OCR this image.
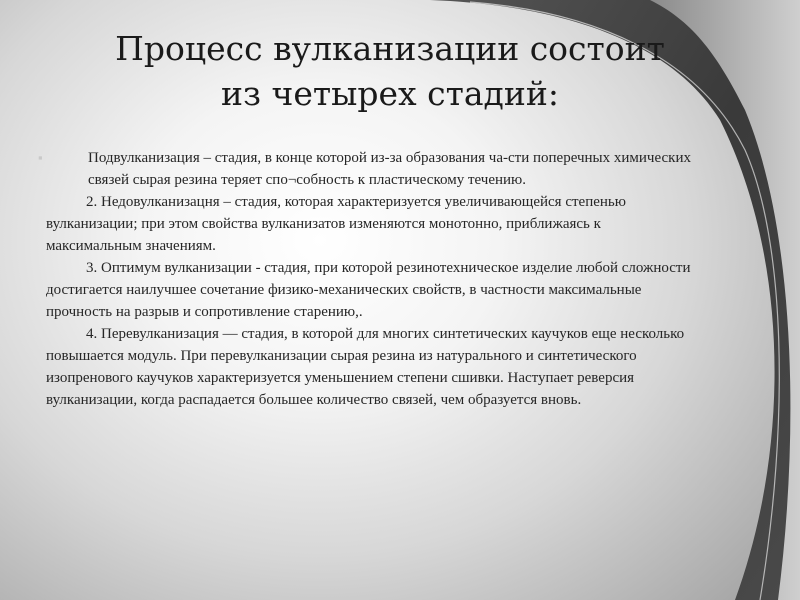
Процесс вулканизации состоит
из четырех стадий:

▪	Подвулканизация – стадия, в конце которой из-за образования ча-сти поперечных химических связей сырая резина теряет спо¬собность к пластическому течению.

2. Недовулканизацня – стадия, которая характеризуется увеличивающейся степенью вулканизации; при этом свойства вулканизатов изменяются монотонно, приближаясь к максимальным значениям.

3. Оптимум вулканизации - стадия, при которой резинотехническое изделие любой сложности достигается наилучшее сочетание физико-механических свойств, в частности максимальные прочность на разрыв и сопротивление старению,.

4. Перевулканизация — стадия, в которой для многих синтетических каучуков еще несколько повышается модуль. При перевулканизации сырая резина из натурального и синтетического изопренового каучуков характеризуется уменьшением степени сшивки. Наступает реверсия вулканизации, когда распадается большее количество связей, чем образуется вновь.
